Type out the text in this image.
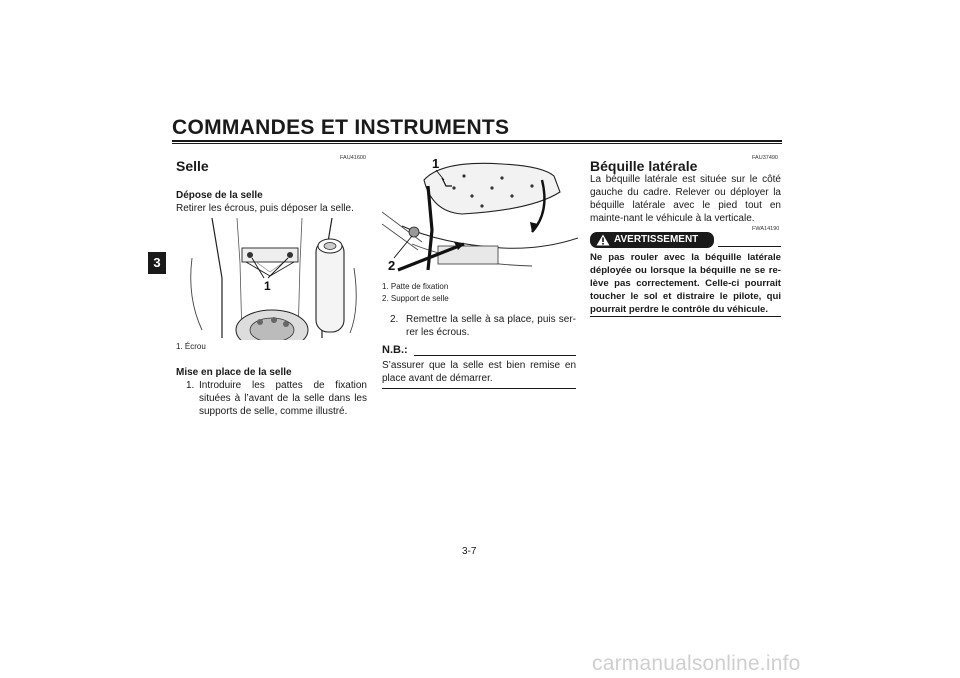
COMMANDES ET INSTRUMENTS
3
FAU41600
Selle
Dépose de la selle
Retirer les écrous, puis déposer la selle.
1
1. Écrou
Mise en place de la selle
1. Introduire les pattes de fixation situées à l’avant de la selle dans les supports de selle, comme illustré.
1
2
1. Patte de fixation
2. Support de selle
2. Remettre la selle à sa place, puis ser-rer les écrous.
N.B.:
S’assurer que la selle est bien remise en place avant de démarrer.
FAU37490
Béquille latérale
La béquille latérale est située sur le côté gauche du cadre. Relever ou déployer la béquille latérale avec le pied tout en mainte-nant le véhicule à la verticale.
FWA14190
AVERTISSEMENT
Ne pas rouler avec la béquille latérale déployée ou lorsque la béquille ne se re-lève pas correctement. Celle-ci pourrait toucher le sol et distraire le pilote, qui pourrait perdre le contrôle du véhicule.
3-7
carmanualsonline.info
